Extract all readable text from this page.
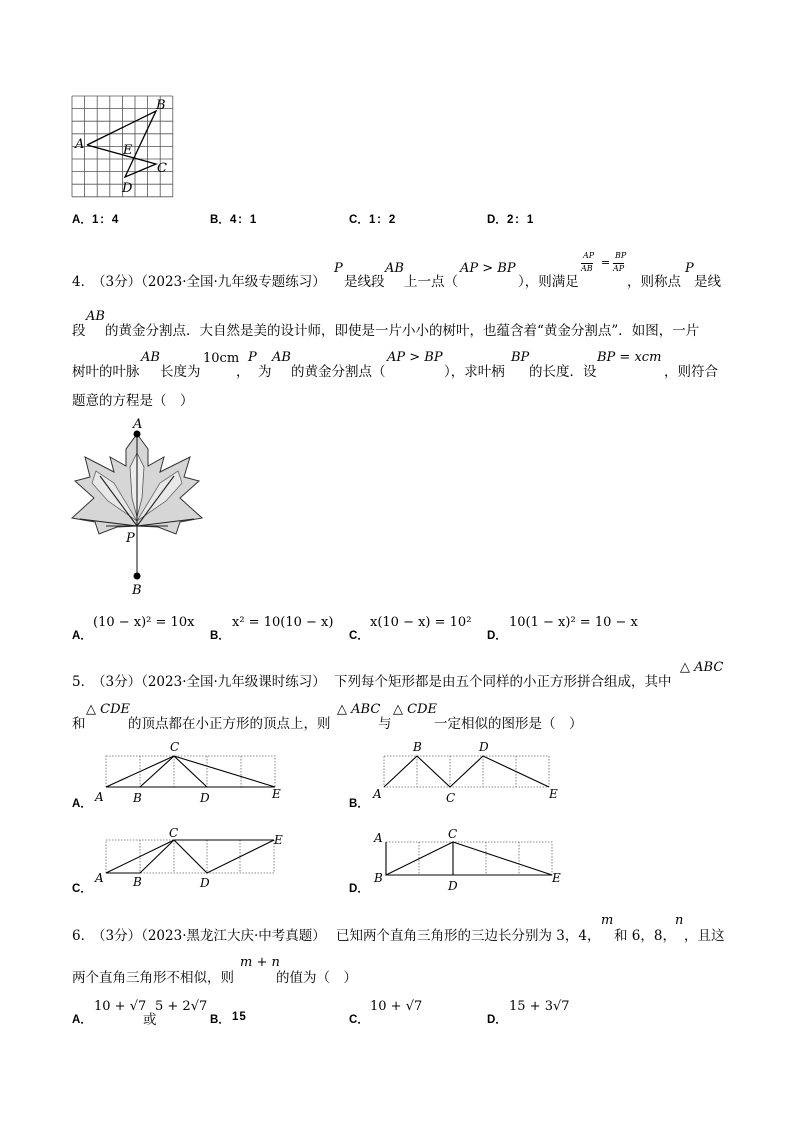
A
B
E
C
D
A． 1：4	B． 4：1	C． 1：2	D． 2：1
4．
（3分）（2023·全国·九年级专题练习）
P
是线段
AB
上一点（
AP > BP
），则满足
AP
AB =
BP
AP
，则称点
P
是线
段
AB
的黄金分割点．大自然是美的设计师，即使是一片小小的树叶，也蕴含着“黄金分割点”．如图，一片
树叶的叶脉
AB
长度为
10cm
，
P
为
AB
的黄金分割点（
AP > BP
），求叶柄
BP
的长度．设
BP = xcm
，则符合
题意的方程是（　）
A
P
B
A．
(10 − x)² = 10x
B．
x² = 10(10 − x)
C．
x(10 − x) = 10²
D．
10(1 − x)² = 10 − x
5．
（3分）（2023·全国·九年级课时练习） 下列每个矩形都是由五个同样的小正方形拼合组成，其中
△ ABC
和
△ CDE
的顶点都在小正方形的顶点上，则
△ ABC
与
△ CDE
一定相似的图形是（　）
A． A B
C
D	E
B．
A
B
C
D
E
C．
A B
C
D
E
D．
A
B
C
D
E
6．
（3分）（2023·黑龙江大庆·中考真题） 已知两个直角三角形的三边长分别为 3，4，
m
和 6，8，
n
，且这
两个直角三角形不相似，则
m + n
的值为（　）
A．
10 + √7
或
5 + 2√7
B． 15	C．
10 + √7
D．
15 + 3√7
